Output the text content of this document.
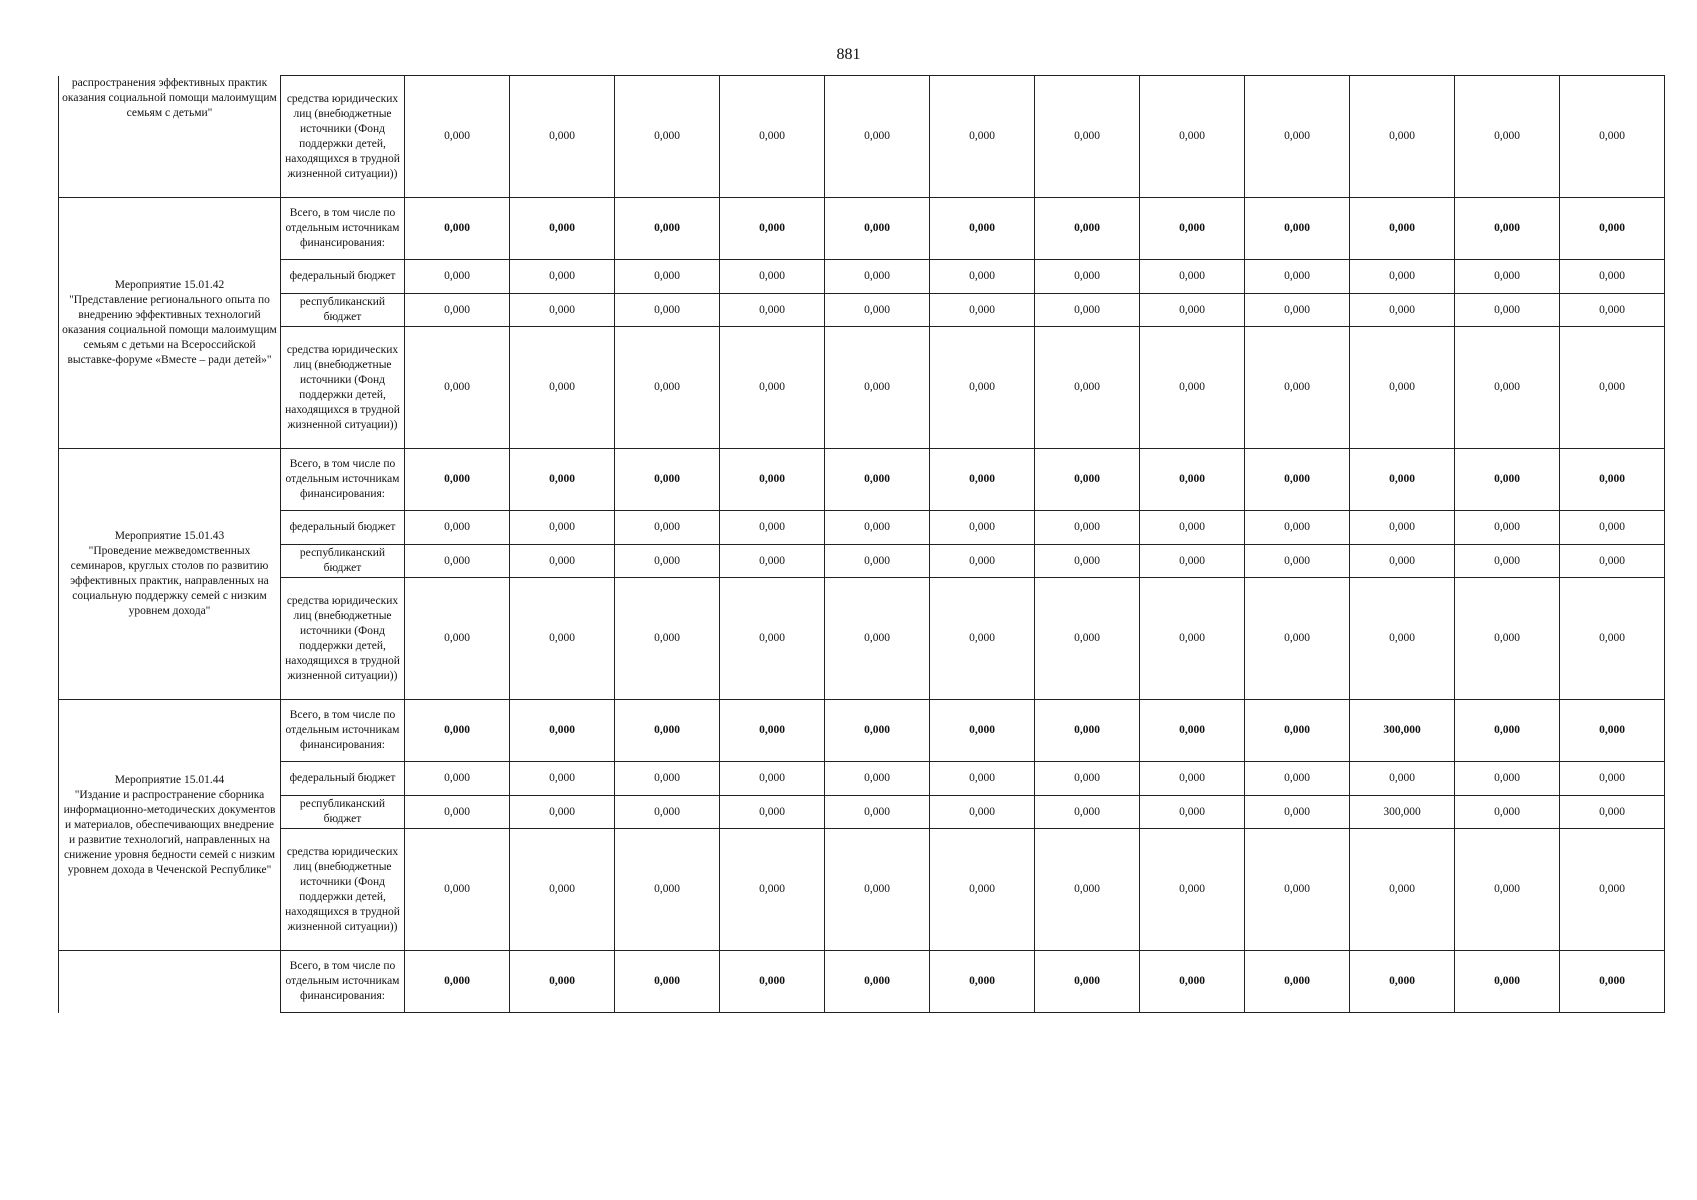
881
распространения эффективных практик оказания социальной помощи малоимущим семьям с детьми"	средства юридических лиц (внебюджетные источники (Фонд поддержки детей, находящихся в трудной жизненной ситуации))	0,000	0,000	0,000	0,000	0,000	0,000	0,000	0,000	0,000	0,000	0,000	0,000

Мероприятие 15.01.42
"Представление регионального опыта по внедрению эффективных технологий оказания социальной помощи малоимущим семьям с детьми на Всероссийской выставке-форуме «Вместе – ради детей»"	Всего, в том числе по отдельным источникам финансирования:	0,000	0,000	0,000	0,000	0,000	0,000	0,000	0,000	0,000	0,000	0,000	0,000
	федеральный бюджет	0,000	0,000	0,000	0,000	0,000	0,000	0,000	0,000	0,000	0,000	0,000	0,000
	республиканский бюджет	0,000	0,000	0,000	0,000	0,000	0,000	0,000	0,000	0,000	0,000	0,000	0,000
	средства юридических лиц (внебюджетные источники (Фонд поддержки детей, находящихся в трудной жизненной ситуации))	0,000	0,000	0,000	0,000	0,000	0,000	0,000	0,000	0,000	0,000	0,000	0,000

Мероприятие 15.01.43
"Проведение межведомственных семинаров, круглых столов по развитию эффективных практик, направленных на социальную поддержку семей с низким уровнем дохода"	Всего, в том числе по отдельным источникам финансирования:	0,000	0,000	0,000	0,000	0,000	0,000	0,000	0,000	0,000	0,000	0,000	0,000
	федеральный бюджет	0,000	0,000	0,000	0,000	0,000	0,000	0,000	0,000	0,000	0,000	0,000	0,000
	республиканский бюджет	0,000	0,000	0,000	0,000	0,000	0,000	0,000	0,000	0,000	0,000	0,000	0,000
	средства юридических лиц (внебюджетные источники (Фонд поддержки детей, находящихся в трудной жизненной ситуации))	0,000	0,000	0,000	0,000	0,000	0,000	0,000	0,000	0,000	0,000	0,000	0,000

Мероприятие 15.01.44
"Издание и распространение сборника информационно-методических документов и материалов, обеспечивающих внедрение и развитие технологий, направленных на снижение уровня бедности семей с низким уровнем дохода в Чеченской Республике"	Всего, в том числе по отдельным источникам финансирования:	0,000	0,000	0,000	0,000	0,000	0,000	0,000	0,000	0,000	300,000	0,000	0,000
	федеральный бюджет	0,000	0,000	0,000	0,000	0,000	0,000	0,000	0,000	0,000	0,000	0,000	0,000
	республиканский бюджет	0,000	0,000	0,000	0,000	0,000	0,000	0,000	0,000	0,000	300,000	0,000	0,000
	средства юридических лиц (внебюджетные источники (Фонд поддержки детей, находящихся в трудной жизненной ситуации))	0,000	0,000	0,000	0,000	0,000	0,000	0,000	0,000	0,000	0,000	0,000	0,000
	Всего, в том числе по отдельным источникам финансирования:	0,000	0,000	0,000	0,000	0,000	0,000	0,000	0,000	0,000	0,000	0,000	0,000
